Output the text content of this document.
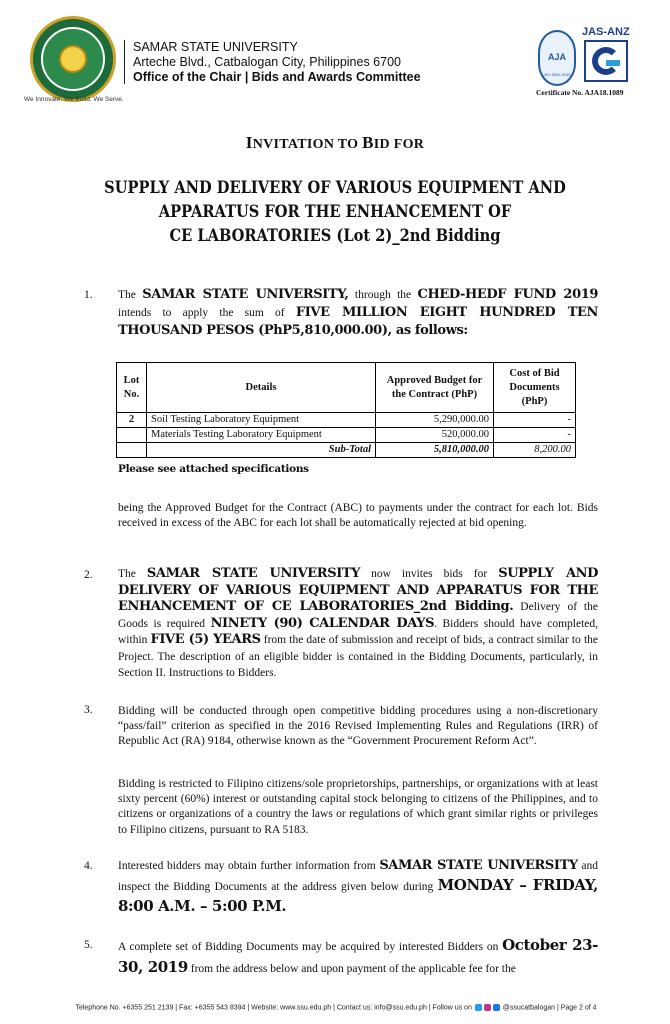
We Innovate. We Build. We Serve.
SAMAR STATE UNIVERSITY
Arteche Blvd., Catbalogan City, Philippines 6700
Office of the Chair | Bids and Awards Committee
AJA
ISO 9001:2015
JAS-ANZ
Certificate No. AJA18.1089
INVITATION TO BID FOR
SUPPLY AND DELIVERY OF VARIOUS EQUIPMENT AND
APPARATUS FOR THE ENHANCEMENT OF
CE LABORATORIES (Lot 2)_2nd Bidding
1. The SAMAR STATE UNIVERSITY, through the CHED-HEDF FUND 2019 intends to apply the sum of FIVE MILLION EIGHT HUNDRED TEN THOUSAND PESOS (PhP5,810,000.00), as follows:
Lot No.	Details	Approved Budget for the Contract (PhP)	Cost of Bid Documents (PhP)
2	Soil Testing Laboratory Equipment	5,290,000.00	-
	Materials Testing Laboratory Equipment	520,000.00	-
	Sub-Total	5,810,000.00	8,200.00
Please see attached specifications
being the Approved Budget for the Contract (ABC) to payments under the contract for each lot. Bids received in excess of the ABC for each lot shall be automatically rejected at bid opening.
2. The SAMAR STATE UNIVERSITY now invites bids for SUPPLY AND DELIVERY OF VARIOUS EQUIPMENT AND APPARATUS FOR THE ENHANCEMENT OF CE LABORATORIES_2nd Bidding. Delivery of the Goods is required NINETY (90) CALENDAR DAYS. Bidders should have completed, within FIVE (5) YEARS from the date of submission and receipt of bids, a contract similar to the Project. The description of an eligible bidder is contained in the Bidding Documents, particularly, in Section II. Instructions to Bidders.
3. Bidding will be conducted through open competitive bidding procedures using a non-discretionary “pass/fail” criterion as specified in the 2016 Revised Implementing Rules and Regulations (IRR) of Republic Act (RA) 9184, otherwise known as the “Government Procurement Reform Act”.
Bidding is restricted to Filipino citizens/sole proprietorships, partnerships, or organizations with at least sixty percent (60%) interest or outstanding capital stock belonging to citizens of the Philippines, and to citizens or organizations of a country the laws or regulations of which grant similar rights or privileges to Filipino citizens, pursuant to RA 5183.
4. Interested bidders may obtain further information from SAMAR STATE UNIVERSITY and inspect the Bidding Documents at the address given below during MONDAY – FRIDAY, 8:00 A.M. – 5:00 P.M.
5. A complete set of Bidding Documents may be acquired by interested Bidders on October 23-30, 2019 from the address below and upon payment of the applicable fee for the
Telephone No. +6355 251 2139 | Fax: +6355 543 8394 | Website: www.ssu.edu.ph | Contact us: info@ssu.edu.ph | Follow us on	@ssucatbalogan | Page 2 of 4
